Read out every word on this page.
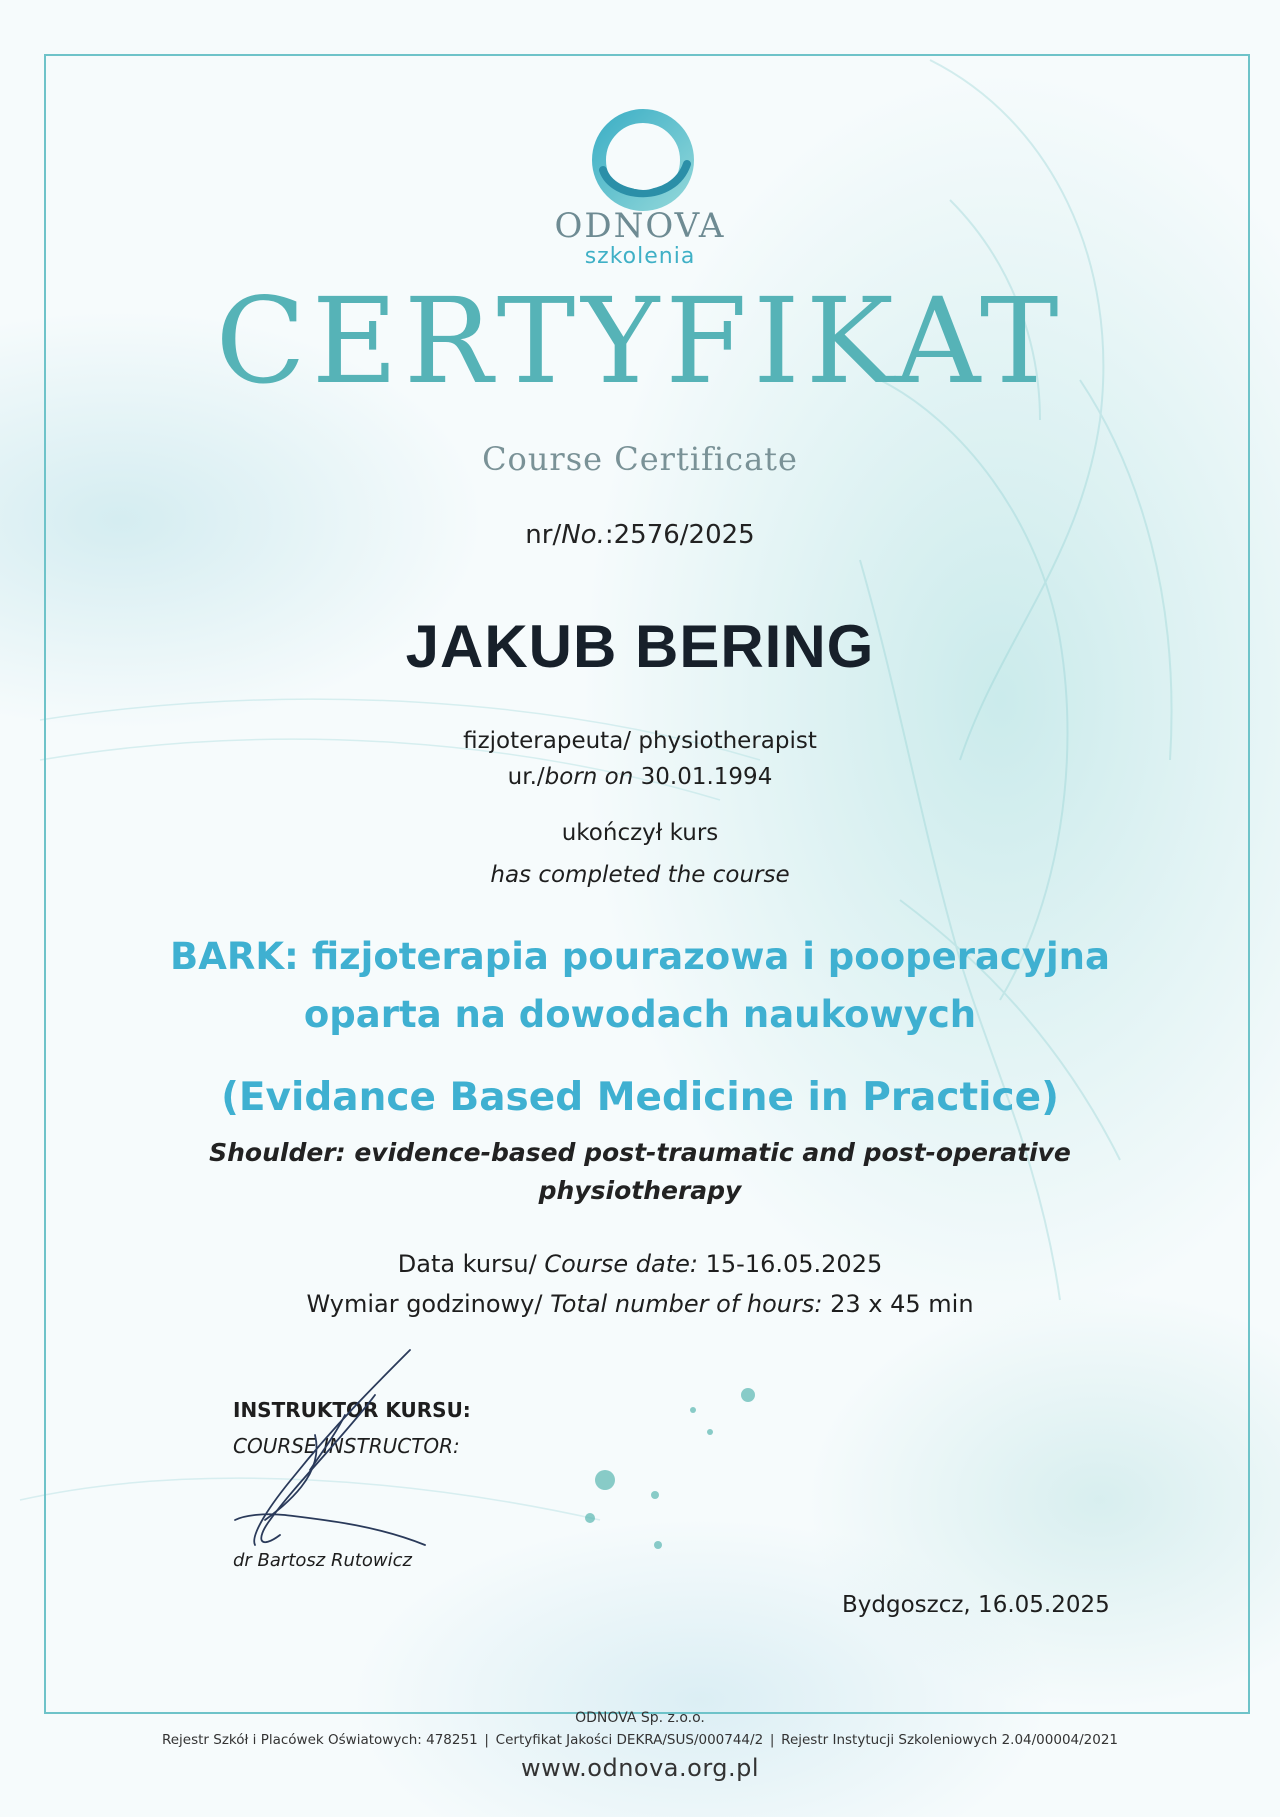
ODNOVA
szkolenia
CERTYFIKAT
Course Certificate
nr/No.:2576/2025
JAKUB BERING
fizjoterapeuta/ physiotherapist
ur./born on 30.01.1994
ukończył kurs
has completed the course
BARK: fizjoterapia pourazowa i pooperacyjna
oparta na dowodach naukowych
(Evidance Based Medicine in Practice)
Shoulder: evidence-based post-traumatic and post-operative
physiotherapy
Data kursu/ Course date: 15-16.05.2025
Wymiar godzinowy/ Total number of hours: 23 x 45 min
INSTRUKTOR KURSU:
COURSE INSTRUCTOR:
dr Bartosz Rutowicz
Bydgoszcz, 16.05.2025
ODNOVA Sp. z.o.o.
Rejestr Szkół i Placówek Oświatowych: 478251 | Certyfikat Jakości DEKRA/SUS/000744/2 | Rejestr Instytucji Szkoleniowych 2.04/00004/2021
www.odnova.org.pl
